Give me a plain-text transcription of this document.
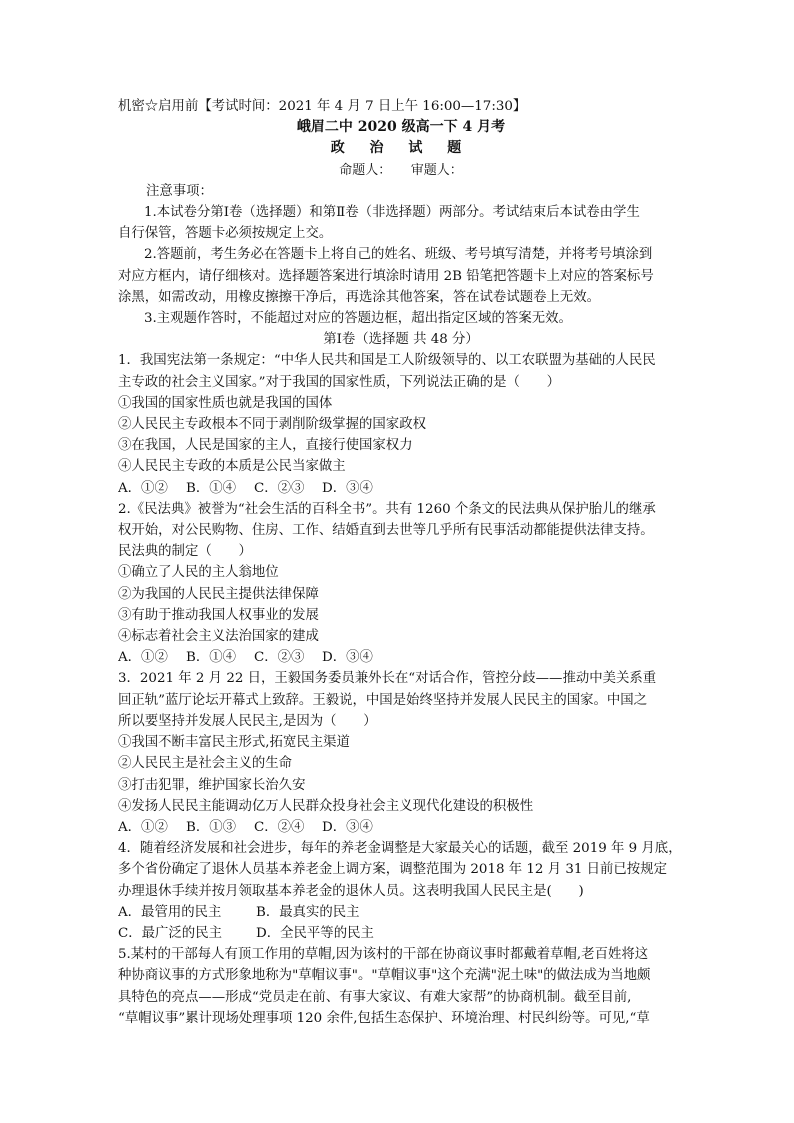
机密☆启用前【考试时间：2021 年 4 月 7 日上午 16:00—17:30】
峨眉二中 2020 级高一下 4 月考
政 治 试 题
命题人：　　审题人：
注意事项：
1.本试卷分第Ⅰ卷（选择题）和第Ⅱ卷（非选择题）两部分。考试结束后本试卷由学生
自行保管，答题卡必须按规定上交。
2.答题前，考生务必在答题卡上将自己的姓名、班级、考号填写清楚，并将考号填涂到
对应方框内，请仔细核对。选择题答案进行填涂时请用 2B 铅笔把答题卡上对应的答案标号
涂黑，如需改动，用橡皮擦擦干净后，再选涂其他答案，答在试卷试题卷上无效。
3.主观题作答时，不能超过对应的答题边框，超出指定区域的答案无效。
第Ⅰ卷（选择题 共 48 分）
1．我国宪法第一条规定：“中华人民共和国是工人阶级领导的、以工农联盟为基础的人民民
主专政的社会主义国家。”对于我国的国家性质，下列说法正确的是（　　）
①我国的国家性质也就是我国的国体
②人民民主专政根本不同于剥削阶级掌握的国家政权
③在我国，人民是国家的主人，直接行使国家权力
④人民民主专政的本质是公民当家做主
A．①② B．①④ C．②③ D．③④
2.《民法典》被誉为“社会生活的百科全书”。共有 1260 个条文的民法典从保护胎儿的继承
权开始，对公民购物、住房、工作、结婚直到去世等几乎所有民事活动都能提供法律支持。
民法典的制定（　　）
①确立了人民的主人翁地位
②为我国的人民民主提供法律保障
③有助于推动我国人权事业的发展
④标志着社会主义法治国家的建成
A．①② B．①④ C．②③ D．③④
3．2021 年 2 月 22 日，王毅国务委员兼外长在“对话合作，管控分歧——推动中美关系重
回正轨”蓝厅论坛开幕式上致辞。王毅说，中国是始终坚持并发展人民民主的国家。中国之
所以要坚持并发展人民民主,是因为（　　）
①我国不断丰富民主形式,拓宽民主渠道
②人民民主是社会主义的生命
③打击犯罪，维护国家长治久安
④发扬人民民主能调动亿万人民群众投身社会主义现代化建设的积极性
A．①② B．①③ C．②④ D．③④
4．随着经济发展和社会进步，每年的养老金调整是大家最关心的话题，截至 2019 年 9 月底，
多个省份确定了退休人员基本养老金上调方案，调整范围为 2018 年 12 月 31 日前已按规定
办理退休手续并按月领取基本养老金的退休人员。这表明我国人民民主是(　　)
A．最管用的民主	B．最真实的民主
C．最广泛的民主	D．全民平等的民主
5.某村的干部每人有顶工作用的草帽,因为该村的干部在协商议事时都戴着草帽,老百姓将这
种协商议事的方式形象地称为"草帽议事"。"草帽议事"这个充满"泥土味"的做法成为当地颇
具特色的亮点——形成“党员走在前、有事大家议、有难大家帮”的协商机制。截至目前,
“草帽议事”累计现场处理事项 120 余件,包括生态保护、环境治理、村民纠纷等。可见,“草
